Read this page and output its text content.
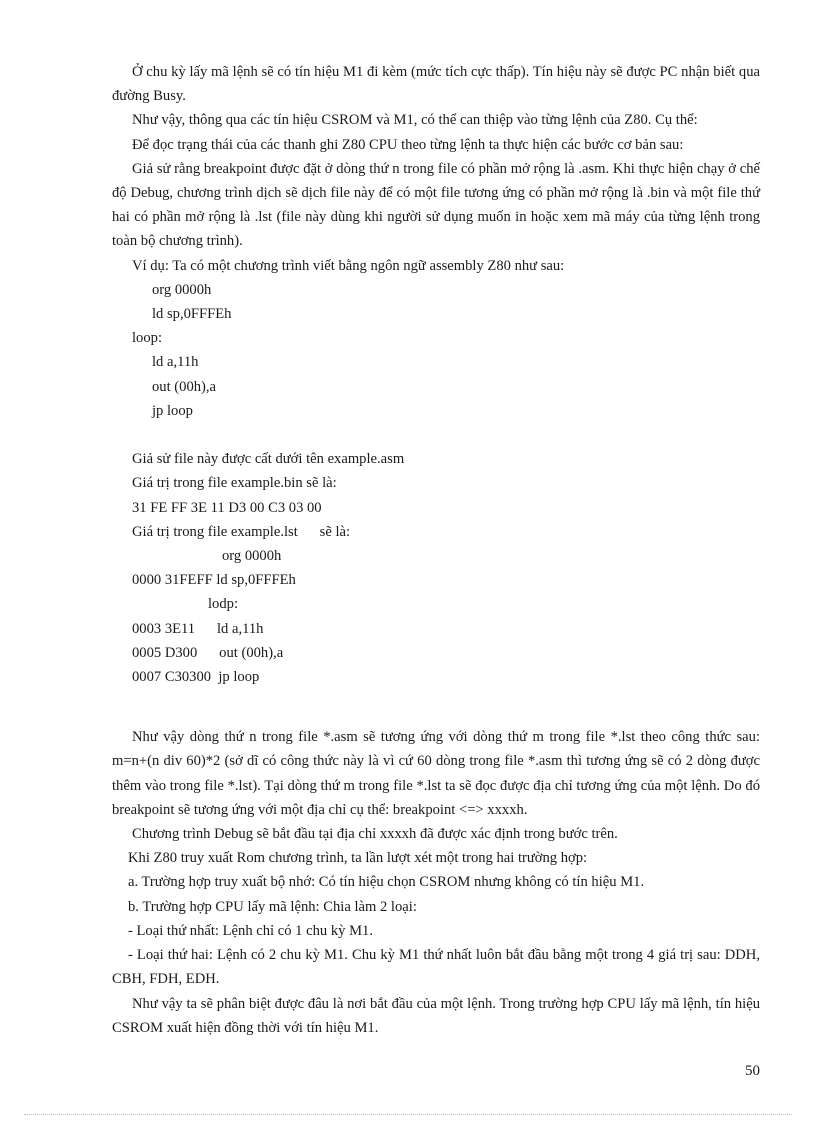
Ở chu kỳ lấy mã lệnh sẽ có tín hiệu M1 đi kèm (mức tích cực thấp). Tín hiệu này sẽ được PC nhận biết qua đường Busy.

Như vậy, thông qua các tín hiệu CSROM và M1, có thể can thiệp vào từng lệnh của Z80. Cụ thể:

Để đọc trạng thái của các thanh ghi Z80 CPU theo từng lệnh ta thực hiện các bước cơ bản sau:

Giả sử rằng breakpoint được đặt ở dòng thứ n trong file có phần mở rộng là .asm. Khi thực hiện chạy ở chế độ Debug, chương trình dịch sẽ dịch file này để có một file tương ứng có phần mở rộng là .bin và một file thứ hai có phần mở rộng là .lst (file này dùng khi người sử dụng muốn in hoặc xem mã máy của từng lệnh trong toàn bộ chương trình).

Ví dụ: Ta có một chương trình viết bằng ngôn ngữ assembly Z80 như sau:

org 0000h

ld sp,0FFFEh

loop:

ld a,11h

out (00h),a

jp loop

Giả sử file này được cất dưới tên example.asm

Giá trị trong file example.bin sẽ là:

31 FE FF 3E 11 D3 00 C3 03 00

Giá trị trong file example.lst      sẽ là:

org 0000h

0000 31FEFF ld sp,0FFFEh

lodp:

0003 3E11      ld a,11h

0005 D300      out (00h),a

0007 C30300  jp loop

Như vậy dòng thứ n trong file *.asm sẽ tương ứng với dòng thứ m trong file *.lst theo công thức sau: m=n+(n div 60)*2 (sở dĩ có công thức này là vì cứ 60 dòng trong file *.asm thì tương ứng sẽ có 2 dòng được thêm vào trong file *.lst). Tại dòng thứ m trong file *.lst ta sẽ đọc được địa chỉ tương ứng của một lệnh. Do đó breakpoint sẽ tương ứng với một địa chỉ cụ thể: breakpoint <=> xxxxh.

Chương trình Debug sẽ bắt đầu tại địa chỉ xxxxh đã được xác định trong bước trên.

Khi Z80 truy xuất Rom chương trình, ta lần lượt xét một trong hai trường hợp:

a. Trường hợp truy xuất bộ nhớ: Có tín hiệu chọn CSROM nhưng không có tín hiệu M1.

b. Trường hợp CPU lấy mã lệnh: Chia làm 2 loại:

- Loại thứ nhất: Lệnh chỉ có 1 chu kỳ M1.

- Loại thứ hai: Lệnh có 2 chu kỳ M1. Chu kỳ M1 thứ nhất luôn bắt đầu bằng một trong 4 giá trị sau: DDH, CBH, FDH, EDH.

Như vậy ta sẽ phân biệt được đâu là nơi bắt đầu của một lệnh. Trong trường hợp CPU lấy mã lệnh, tín hiệu CSROM xuất hiện đồng thời với tín hiệu M1.

50
